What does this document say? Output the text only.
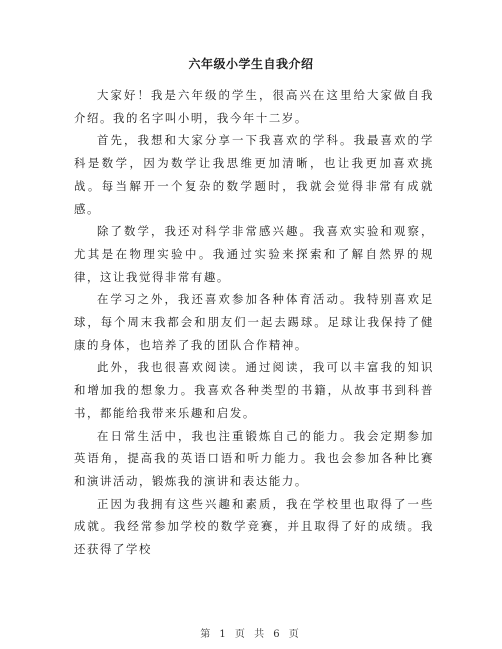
六年级小学生自我介绍

大家好！我是六年级的学生，很高兴在这里给大家做自我介绍。我的名字叫小明，我今年十二岁。

首先，我想和大家分享一下我喜欢的学科。我最喜欢的学科是数学，因为数学让我思维更加清晰，也让我更加喜欢挑战。每当解开一个复杂的数学题时，我就会觉得非常有成就感。

除了数学，我还对科学非常感兴趣。我喜欢实验和观察，尤其是在物理实验中。我通过实验来探索和了解自然界的规律，这让我觉得非常有趣。

在学习之外，我还喜欢参加各种体育活动。我特别喜欢足球，每个周末我都会和朋友们一起去踢球。足球让我保持了健康的身体，也培养了我的团队合作精神。

此外，我也很喜欢阅读。通过阅读，我可以丰富我的知识和增加我的想象力。我喜欢各种类型的书籍，从故事书到科普书，都能给我带来乐趣和启发。

在日常生活中，我也注重锻炼自己的能力。我会定期参加英语角，提高我的英语口语和听力能力。我也会参加各种比赛和演讲活动，锻炼我的演讲和表达能力。

正因为我拥有这些兴趣和素质，我在学校里也取得了一些成就。我经常参加学校的数学竞赛，并且取得了好的成绩。我还获得了学校

第 1 页 共 6 页
